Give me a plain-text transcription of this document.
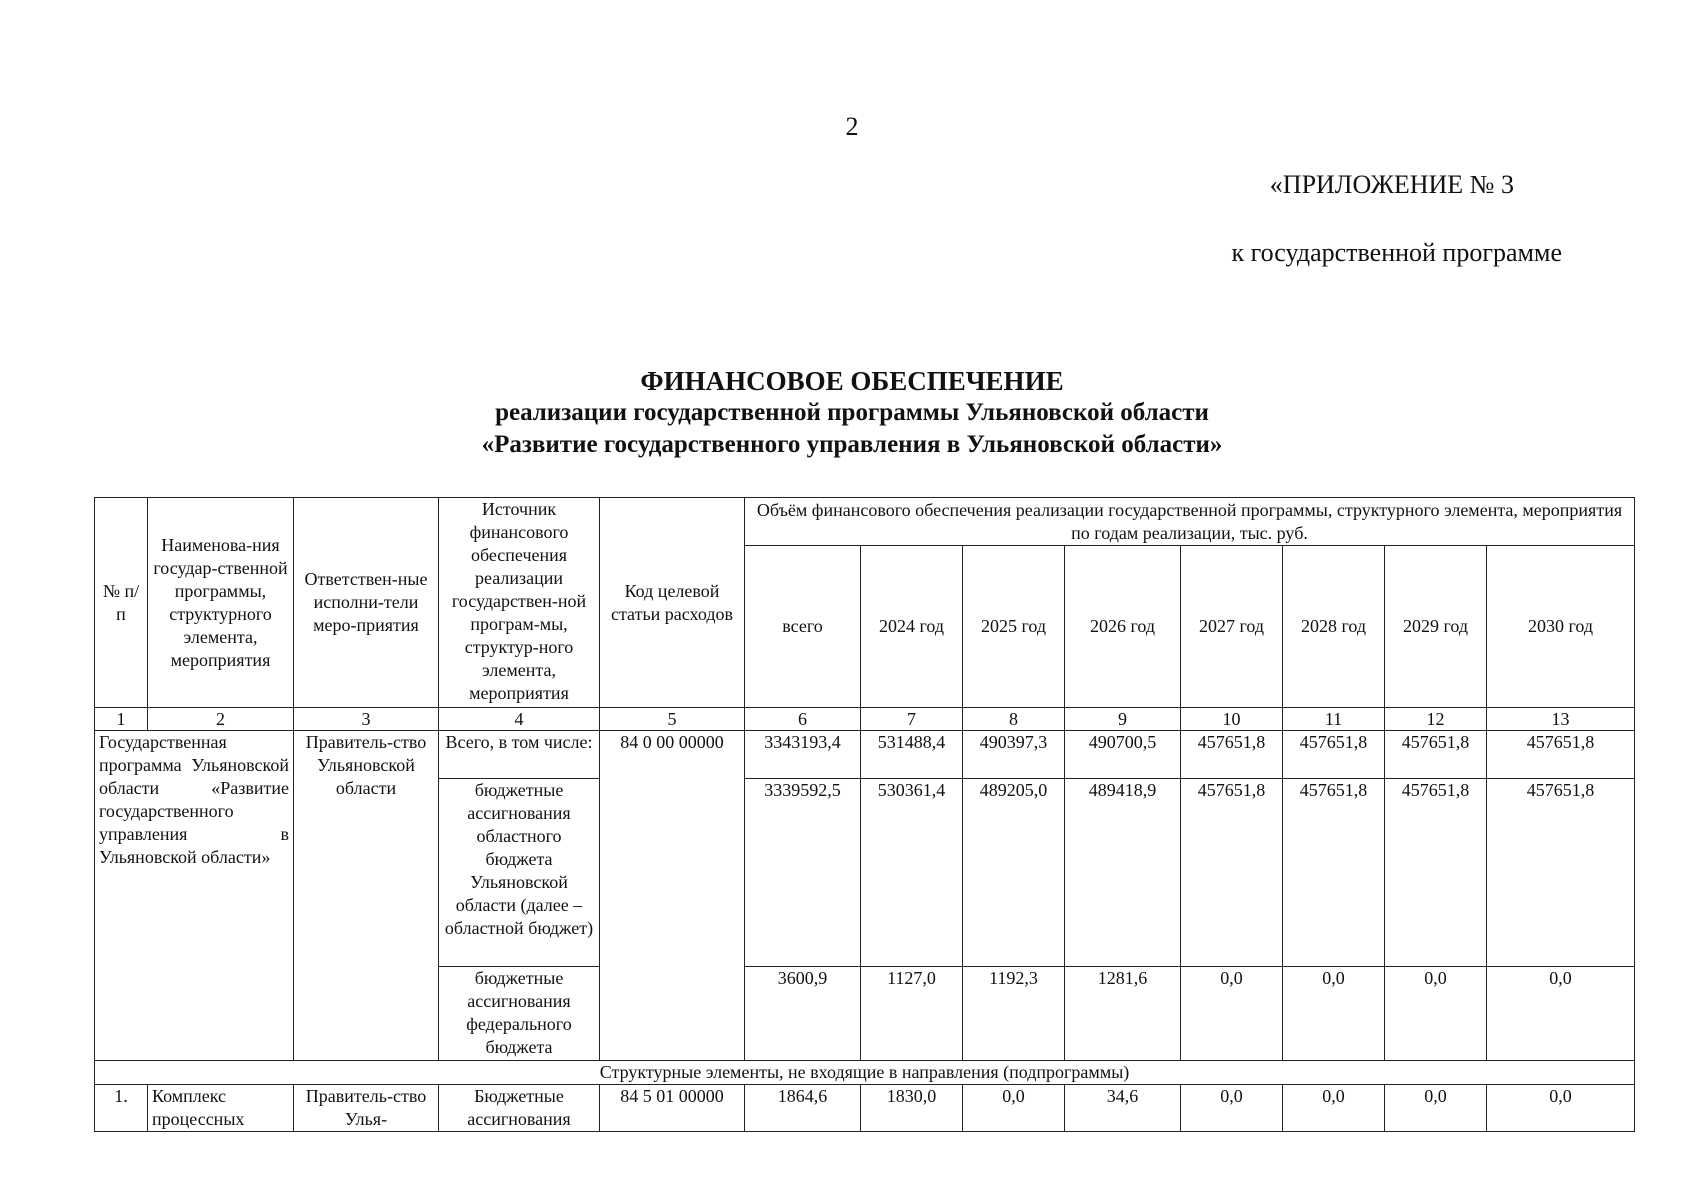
2
«ПРИЛОЖЕНИЕ № 3
к государственной программе
ФИНАНСОВОЕ ОБЕСПЕЧЕНИЕ
реализации государственной программы Ульяновской области
«Развитие государственного управления в Ульяновской области»
№ п/п	Наименова-ния государ-ственной программы, структурного элемента, мероприятия	Ответствен-ные исполни-тели меро-приятия	Источник финансового обеспечения реализации государствен-ной програм-мы, структур-ного элемента, мероприятия	Код целевой статьи расходов	Объём финансового обеспечения реализации государственной программы, структурного элемента, мероприятия по годам реализации, тыс. руб.							
					всего	2024 год	2025 год	2026 год	2027 год	2028 год	2029 год	2030 год
1	2	3	4	5	6	7	8	9	10	11	12	13
Государственная программа Ульяновской области «Развитие государственного управления в Ульяновской области»		Правитель-ство Ульяновской области	Всего, в том числе:	84 0 00 00000	3343193,4	531488,4	490397,3	490700,5	457651,8	457651,8	457651,8	457651,8
			бюджетные ассигнования областного бюджета Ульяновской области (далее – областной бюджет)		3339592,5	530361,4	489205,0	489418,9	457651,8	457651,8	457651,8	457651,8
			бюджетные ассигнования федерального бюджета		3600,9	1127,0	1192,3	1281,6	0,0	0,0	0,0	0,0
Структурные элементы, не входящие в направления (подпрограммы)												
1.	Комплекс процессных	Правитель-ство Улья-	Бюджетные ассигнования	84 5 01 00000	1864,6	1830,0	0,0	34,6	0,0	0,0	0,0	0,0
